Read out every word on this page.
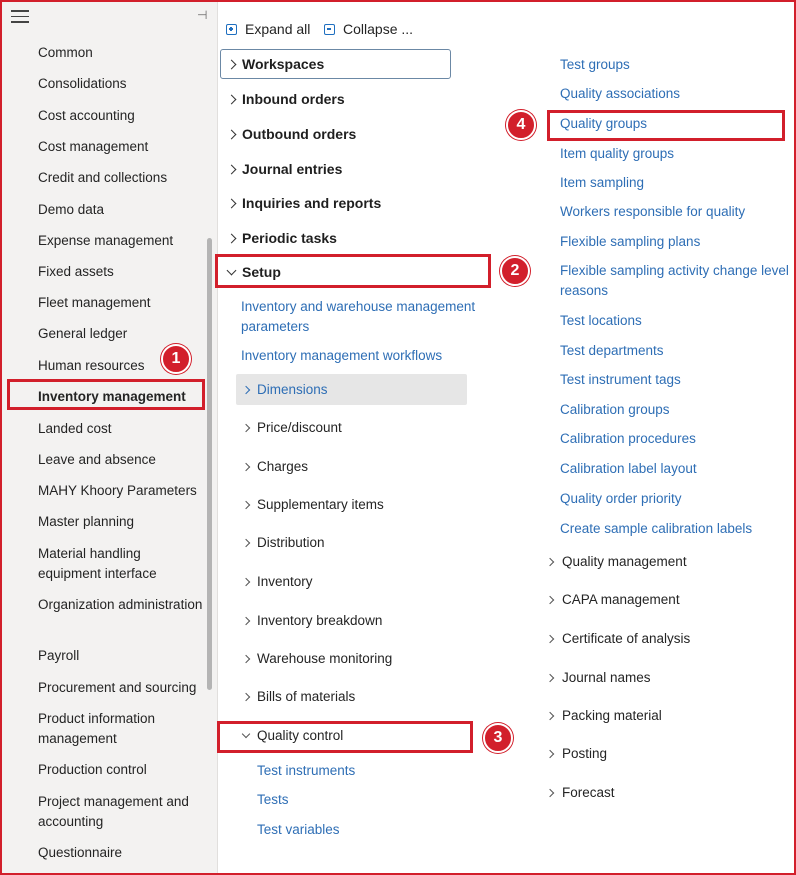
⊣
Common
Consolidations
Cost accounting
Cost management
Credit and collections
Demo data
Expense management
Fixed assets
Fleet management
General ledger
Human resources
Inventory management
Landed cost
Leave and absence
MAHY Khoory Parameters
Master planning
Material handling equipment interface
Organization administration
Payroll
Procurement and sourcing
Product information management
Production control
Project management and accounting
Questionnaire
Expand all Collapse ...
Workspaces
Inbound orders
Outbound orders
Journal entries
Inquiries and reports
Periodic tasks
Setup
Inventory and warehouse management parameters
Inventory management workflows
Dimensions
Price/discount
Charges
Supplementary items
Distribution
Inventory
Inventory breakdown
Warehouse monitoring
Bills of materials
Quality control
Test instruments
Tests
Test variables
Test groups
Quality associations
Quality groups
Item quality groups
Item sampling
Workers responsible for quality
Flexible sampling plans
Flexible sampling activity change level reasons
Test locations
Test departments
Test instrument tags
Calibration groups
Calibration procedures
Calibration label layout
Quality order priority
Create sample calibration labels
Quality management
CAPA management
Certificate of analysis
Journal names
Packing material
Posting
Forecast
1
2
3
4
